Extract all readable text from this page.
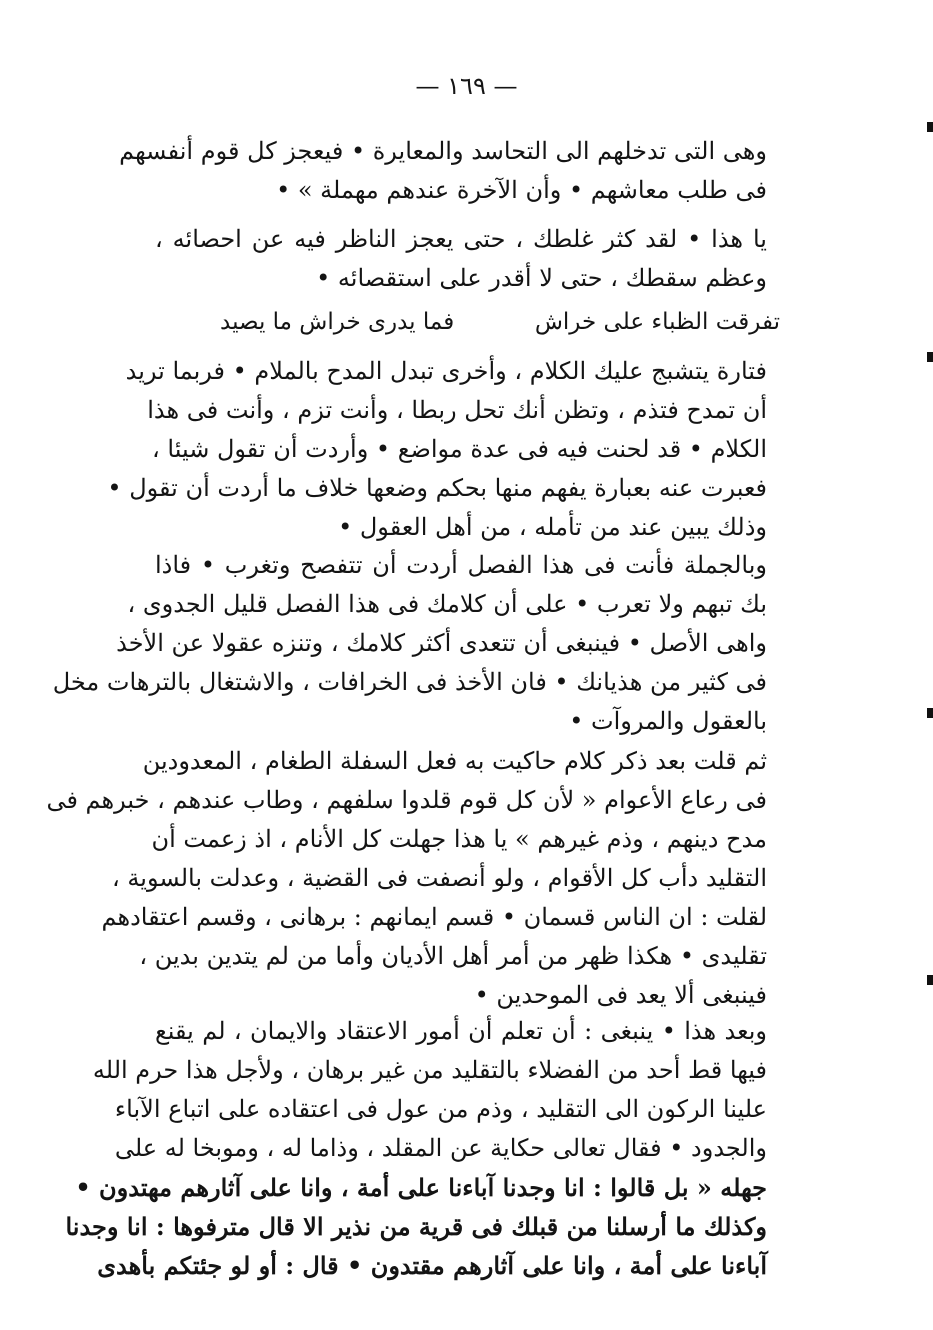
— ١٦٩ —
وهى التى تدخلهم الى التحاسد والمعايرة • فيعجز كل قوم أنفسهم
فى طلب معاشهم • وأن الآخرة عندهم مهملة » •
يا هذا • لقد كثر غلطك ، حتى يعجز الناظر فيه عن احصائه ،
وعظم سقطك ، حتى لا أقدر على استقصائه •
تفرقت الظباء على خراش
فما يدرى خراش ما يصيد
فتارة يتشبج عليك الكلام ، وأخرى تبدل المدح بالملام • فربما تريد
أن تمدح فتذم ، وتظن أنك تحل ربطا ، وأنت تزم ، وأنت فى هذا
الكلام • قد لحنت فيه فى عدة مواضع • وأردت أن تقول شيئا ،
فعبرت عنه بعبارة يفهم منها بحكم وضعها خلاف ما أردت أن تقول •
وذلك يبين عند من تأمله ، من أهل العقول •
وبالجملة فأنت فى هذا الفصل أردت أن تتفصح وتغرب • فاذا
بك تبهم ولا تعرب • على أن كلامك فى هذا الفصل قليل الجدوى ،
واهى الأصل • فينبغى أن تتعدى أكثر كلامك ، وتنزه عقولا عن الأخذ
فى كثير من هذيانك • فان الأخذ فى الخرافات ، والاشتغال بالترهات مخل
بالعقول والمروآت •
ثم قلت بعد ذكر كلام حاكيت به فعل السفلة الطغام ، المعدودين
فى رعاع الأعوام « لأن كل قوم قلدوا سلفهم ، وطاب عندهم ، خبرهم فى
مدح دينهم ، وذم غيرهم » يا هذا جهلت كل الأنام ، اذ زعمت أن
التقليد دأب كل الأقوام ، ولو أنصفت فى القضية ، وعدلت بالسوية ،
لقلت : ان الناس قسمان • قسم ايمانهم : برهانى ، وقسم اعتقادهم
تقليدى • هكذا ظهر من أمر أهل الأديان وأما من لم يتدين بدين ،
فينبغى ألا يعد فى الموحدين •
وبعد هذا • ينبغى : أن تعلم أن أمور الاعتقاد والايمان ، لم يقنع
فيها قط أحد من الفضلاء بالتقليد من غير برهان ، ولأجل هذا حرم الله
علينا الركون الى التقليد ، وذم من عول فى اعتقاده على اتباع الآباء
والجدود • فقال تعالى حكاية عن المقلد ، وذاما له ، وموبخا له على
جهله « بل قالوا : انا وجدنا آباءنا على أمة ، وانا على آثارهم مهتدون •
وكذلك ما أرسلنا من قبلك فى قرية من نذير الا قال مترفوها : انا وجدنا
آباءنا على أمة ، وانا على آثارهم مقتدون • قال : أو لو جئتكم بأهدى
